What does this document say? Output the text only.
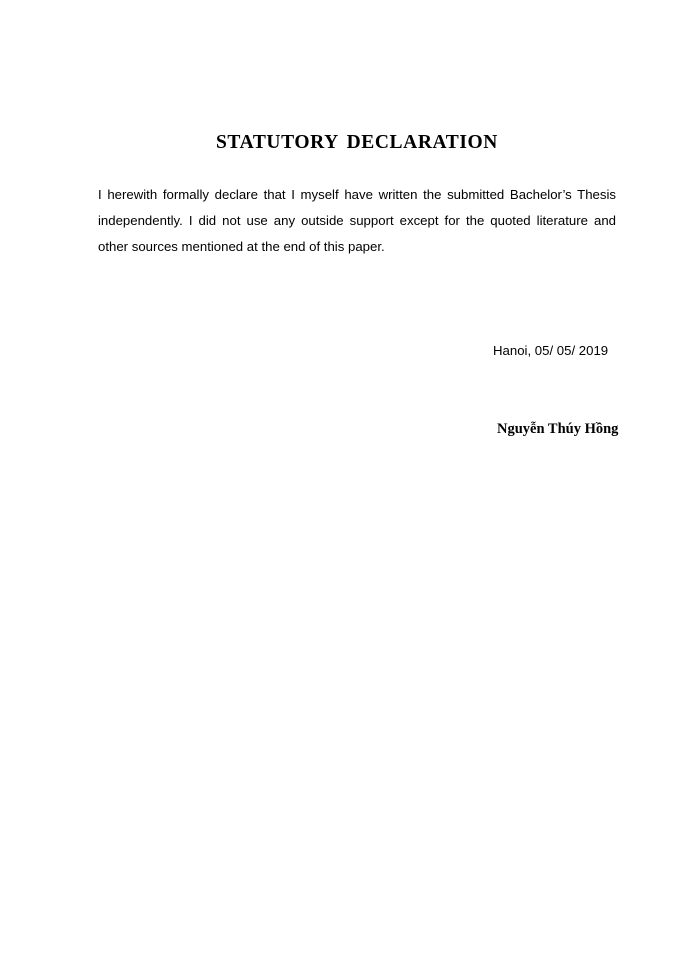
STATUTORY DECLARATION

I herewith formally declare that I myself have written the submitted Bachelor’s Thesis independently. I did not use any outside support except for the quoted literature and other sources mentioned at the end of this paper.

Hanoi, 05/ 05/ 2019
Nguyễn Thúy Hồng
